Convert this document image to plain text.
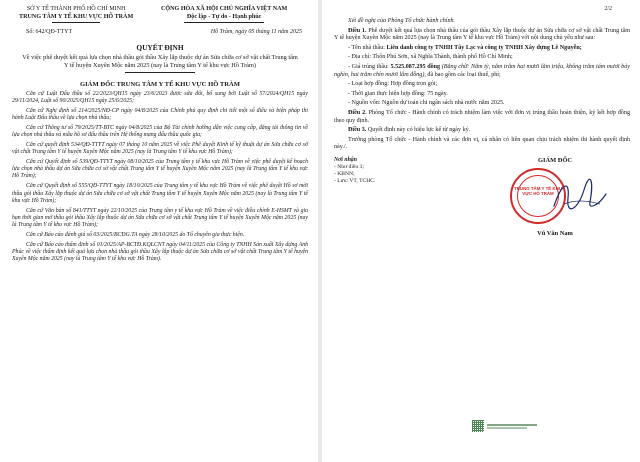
SỞ Y TẾ THÀNH PHỐ HỒ CHÍ MINH
TRUNG TÂM Y TẾ KHU VỰC HỐ TRÀM
CỘNG HÒA XÃ HỘI CHỦ NGHĨA VIỆT NAM
Độc lập - Tự do - Hạnh phúc
Số: 642/QĐ-TTYT	Hồ Tràm, ngày 05 tháng 11 năm 2025
QUYẾT ĐỊNH
Về việc phê duyệt kết quả lựa chọn nhà thầu gói thầu Xây lắp thuộc dự án Sửa chữa cơ sở vật chất Trung tâm Y tế huyện Xuyên Mộc năm 2025 (nay là Trung tâm Y tế khu vực Hồ Tràm)
GIÁM ĐỐC TRUNG TÂM Y TẾ KHU VỰC HỒ TRÀM

Căn cứ Luật Đấu thầu số 22/2023/QH15 ngày 23/6/2023 được sửa đổi, bổ sung bởi Luật số 57/2024/QH15 ngày 29/11/2024, Luật số 90/2025/QH15 ngày 25/6/2025;

Căn cứ Nghị định số 214/2025/NĐ-CP ngày 04/8/2025 của Chính phủ quy định chi tiết một số điều và biện pháp thi hành Luật Đấu thầu về lựa chọn nhà thầu;

Căn cứ Thông tư số 79/2025/TT-BTC ngày 04/8/2025 của Bộ Tài chính hướng dẫn việc cung cấp, đăng tải thông tin về lựa chọn nhà thầu và mẫu hồ sơ đấu thầu trên Hệ thống mạng đấu thầu quốc gia;

Căn cứ quyết định 534/QĐ-TTYT ngày 07 tháng 10 năm 2025 về việc Phê duyệt Kinh tế kỹ thuật dự án Sửa chữa cơ sở vật chất Trung tâm Y tế huyện Xuyên Mộc năm 2025 (nay là Trung tâm Y tế khu vực Hồ Tràm);

Căn cứ Quyết định số 539/QĐ-TTYT ngày 08/10/2025 của Trung tâm y tế khu vực Hồ Tràm về việc phê duyệt kế hoạch lựa chọn nhà thầu dự án Sửa chữa cơ sở vật chất Trung tâm Y tế huyện Xuyên Mộc năm 2025 (nay là Trung tâm Y tế khu vực Hồ Tràm);

Căn cứ Quyết định số 555/QĐ-TTYT ngày 18/10/2025 của Trung tâm y tế khu vực Hồ Tràm về việc phê duyệt Hồ sơ mời thầu gói thầu Xây lắp thuộc dự án Sửa chữa cơ sở vật chất Trung tâm Y tế huyện Xuyên Mộc năm 2025 (nay là Trung tâm Y tế khu vực Hồ Tràm);

Căn cứ Văn bản số 841/TTYT ngày 22/10/2025 của Trung tâm y tế khu vực Hồ Tràm về việc điều chỉnh E-HSMT và gia hạn thời gian mở thầu gói thầu Xây lắp thuộc dự án Sửa chữa cơ sở vật chất Trung tâm Y tế huyện Xuyên Mộc năm 2025 (nay là Trung tâm Y tế khu vực Hồ Tràm);

Căn cứ Báo cáo đánh giá số 03/2025/BCĐG.TA ngày 28/10/2025 do Tổ chuyên gia thực hiện.

Căn cứ Báo cáo thẩm định số 01/2025/AP-BCTĐ.KQLCNT ngày 04/11/2025 của Công ty TNHH Sản xuất Xây dựng Anh Phúc về việc thẩm định kết quả lựa chọn nhà thầu gói thầu Xây lắp thuộc dự án Sửa chữa cơ sở vật chất Trung tâm Y tế huyện Xuyên Mộc năm 2025 (nay là Trung tâm Y tế khu vực Hồ Tràm).

2/2

Xét đề nghị của Phòng Tổ chức hành chính.

Điều 1. Phê duyệt kết quả lựa chọn nhà thầu của gói thầu Xây lắp thuộc dự án Sửa chữa cơ sở vật chất Trung tâm Y tế huyện Xuyên Mộc năm 2025 (nay là Trung tâm Y tế khu vực Hồ Tràm) với nội dung chủ yếu như sau:

- Tên nhà thầu: Liên danh công ty TNHH Tây Lạc và công ty TNHH Xây dựng Lê Nguyễn;

- Địa chỉ: Thôn Phú Sơn, xã Nghĩa Thành, thành phố Hồ Chí Minh;

- Giá trúng thầu: 5.525.087.295 đồng (Bằng chữ: Năm tỷ, năm trăm hai mươi lăm triệu, không trăm tám mươi bảy nghìn, hai trăm chín mươi lăm đồng), đã bao gồm các loại thuế, phí;

- Loại hợp đồng: Hợp đồng trọn gói;

- Thời gian thực hiện hợp đồng: 75 ngày.

- Nguồn vốn: Nguồn dự toán chi ngân sách nhà nước năm 2025.

Điều 2. Phòng Tổ chức - Hành chính có trách nhiệm làm việc với đơn vị trúng thầu hoàn thiện, ký kết hợp đồng theo quy định.

Điều 3. Quyết định này có hiệu lực kể từ ngày ký.

Trưởng phòng Tổ chức - Hành chính và các đơn vị, cá nhân có liên quan chịu trách nhiệm thi hành quyết định này./.

Nơi nhận
- Như điều 3;
- KBNN;
- Lưu: VT, TCHC.
GIÁM ĐỐC
TRUNG TÂM Y TẾ KHU VỰC HỒ TRÀM
Vũ Văn Nam
